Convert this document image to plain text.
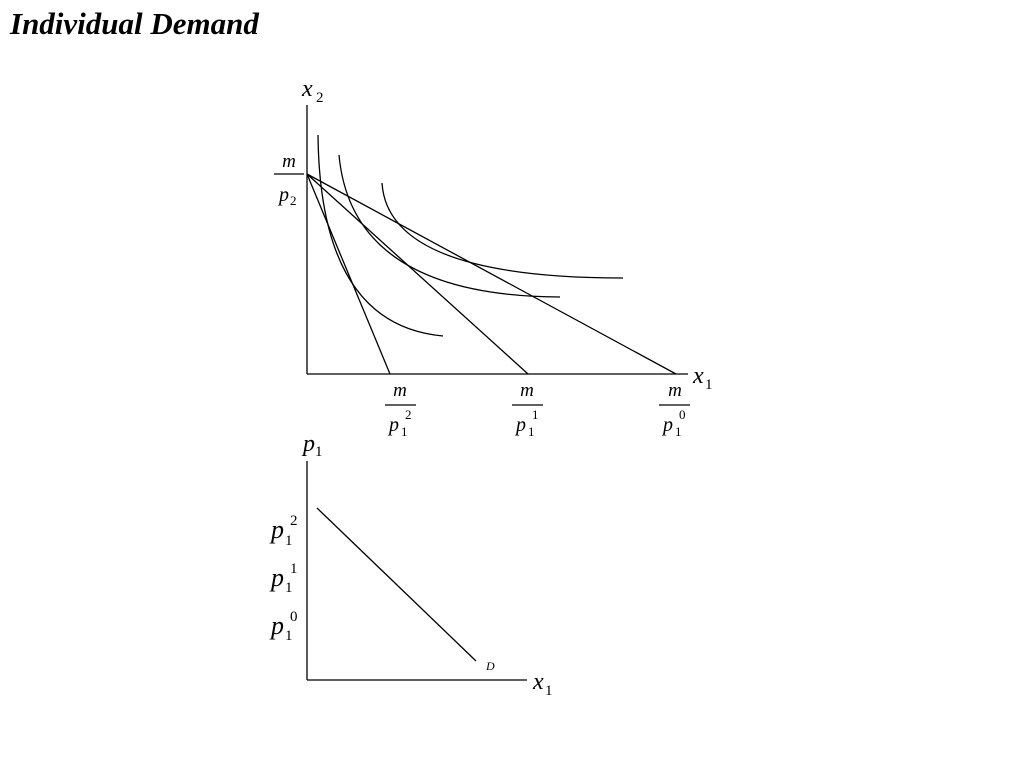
Individual Demand
x 2
x1
m
p2
m
p 12
m
p 11
m
p 10
D
p1
x1
p12
p11
p10
